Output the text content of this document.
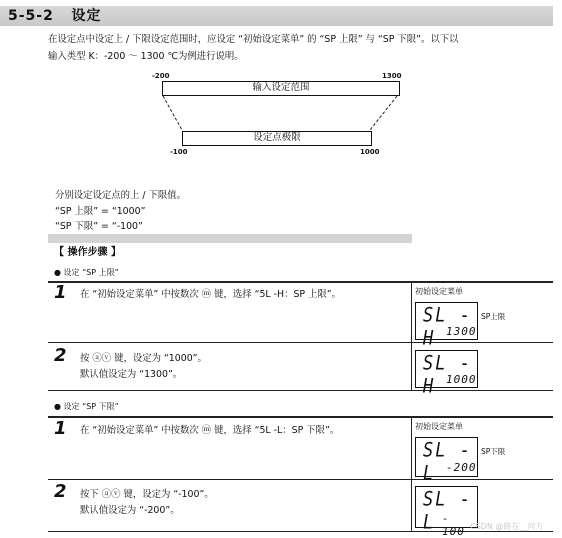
5-5-2 设定
在设定点中设定上 / 下限设定范围时，应设定 “初始设定菜单” 的 “SP 上限” 与 “SP 下限”。以下以
输入类型 K：-200 ～ 1300 ℃为例进行说明。
-200	1300
输入设定范围
设定点极限
-100	1000
分别设定设定点的上 / 下限值。
“SP 上限” = “1000”
“SP 下限” = “-100”
【 操作步骤 】
● 设定 “SP 上限”
1 在 “初始设定菜单” 中按数次 ⓜ 键，选择 “5L -H：SP 上限”。	初始设定菜单
SL -H 1300
SP上限
2 按 ⓐⓥ 键，设定为 “1000”。
默认值设定为 “1300”。	SL -H 1000
● 设定 “SP 下限”
1 在 “初始设定菜单” 中按数次 ⓜ 键，选择 “5L -L：SP 下限”。	初始设定菜单
SL -L -200
SP下限
2 按下 ⓐⓥ 键，设定为 “-100”。
默认值设定为 “-200”。	SL -L - 100 CSDN @路在__何方
